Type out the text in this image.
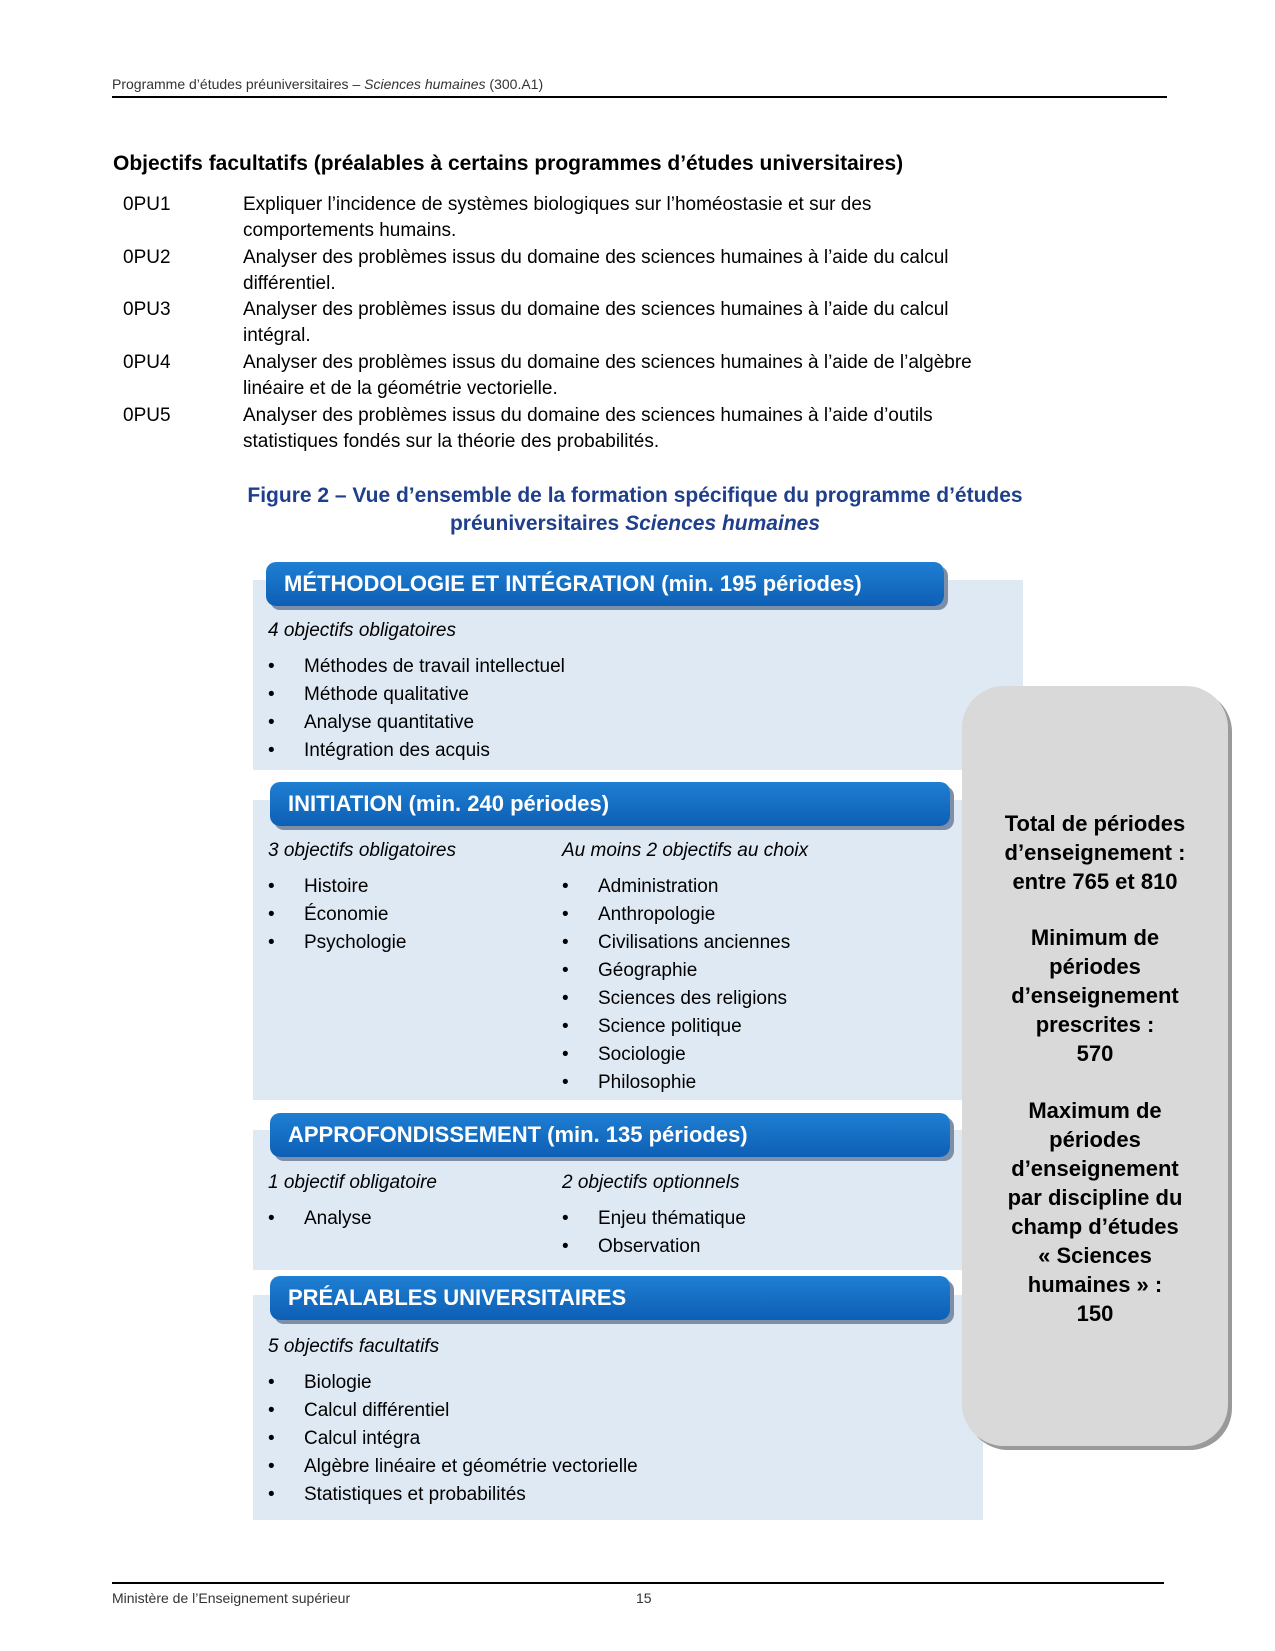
Programme d’études préuniversitaires – Sciences humaines (300.A1)
Objectifs facultatifs (préalables à certains programmes d’études universitaires)
0PU1	Expliquer l’incidence de systèmes biologiques sur l’homéostasie et sur des
comportements humains.
0PU2	Analyser des problèmes issus du domaine des sciences humaines à l’aide du calcul
différentiel.
0PU3	Analyser des problèmes issus du domaine des sciences humaines à l’aide du calcul
intégral.
0PU4	Analyser des problèmes issus du domaine des sciences humaines à l’aide de l’algèbre
linéaire et de la géométrie vectorielle.
0PU5	Analyser des problèmes issus du domaine des sciences humaines à l’aide d’outils
statistiques fondés sur la théorie des probabilités.
Figure 2 – Vue d’ensemble de la formation spécifique du programme d’études
préuniversitaires Sciences humaines
Total de périodes
d’enseignement :
entre 765 et 810
Minimum de
périodes
d’enseignement
prescrites :
570
Maximum de
périodes
d’enseignement
par discipline du
champ d’études
« Sciences
humaines » :
150
MÉTHODOLOGIE ET INTÉGRATION (min. 195 périodes)
4 objectifs obligatoires
• Méthodes de travail intellectuel
• Méthode qualitative
• Analyse quantitative
• Intégration des acquis
INITIATION (min. 240 périodes)
3 objectifs obligatoires	Au moins 2 objectifs au choix
• Histoire
• Économie
• Psychologie
• Administration
• Anthropologie
• Civilisations anciennes
• Géographie
• Sciences des religions
• Science politique
• Sociologie
• Philosophie
APPROFONDISSEMENT (min. 135 périodes)
1 objectif obligatoire	2 objectifs optionnels
• Analyse	• Enjeu thématique
• Observation
PRÉALABLES UNIVERSITAIRES
5 objectifs facultatifs
• Biologie
• Calcul différentiel
• Calcul intégra
• Algèbre linéaire et géométrie vectorielle
• Statistiques et probabilités
Ministère de l’Enseignement supérieur	15
